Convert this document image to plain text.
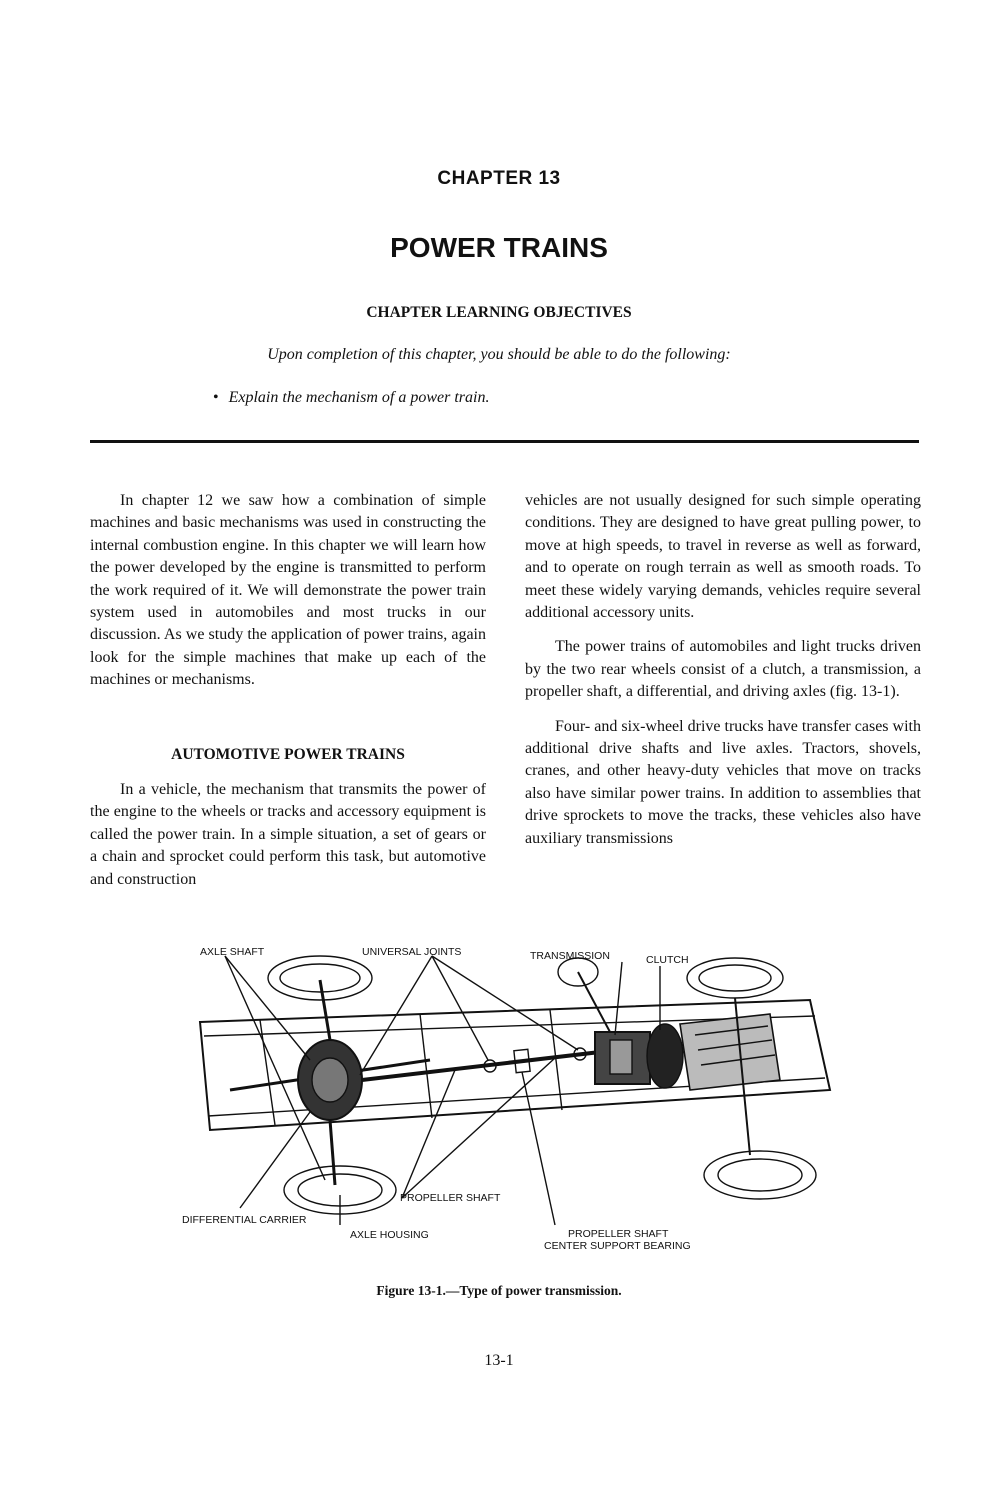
CHAPTER 13
POWER TRAINS
CHAPTER LEARNING OBJECTIVES
Upon completion of this chapter, you should be able to do the following:
• Explain the mechanism of a power train.

In chapter 12 we saw how a combination of simple machines and basic mechanisms was used in constructing the internal combustion engine. In this chapter we will learn how the power developed by the engine is transmitted to perform the work required of it. We will demonstrate the power train system used in automobiles and most trucks in our discussion. As we study the application of power trains, again look for the simple machines that make up each of the machines or mechanisms.

AUTOMOTIVE POWER TRAINS

In a vehicle, the mechanism that transmits the power of the engine to the wheels or tracks and accessory equipment is called the power train. In a simple situation, a set of gears or a chain and sprocket could perform this task, but automotive and construction

vehicles are not usually designed for such simple operating conditions. They are designed to have great pulling power, to move at high speeds, to travel in reverse as well as forward, and to operate on rough terrain as well as smooth roads. To meet these widely varying demands, vehicles require several additional accessory units.

The power trains of automobiles and light trucks driven by the two rear wheels consist of a clutch, a transmission, a propeller shaft, a differential, and driving axles (fig. 13-1).

Four- and six-wheel drive trucks have transfer cases with additional drive shafts and live axles. Tractors, shovels, cranes, and other heavy-duty vehicles that move on tracks also have similar power trains. In addition to assemblies that drive sprockets to move the tracks, these vehicles also have auxiliary transmissions

AXLE SHAFT	UNIVERSAL JOINTS	TRANSMISSION	CLUTCH
PROPELLER SHAFT
DIFFERENTIAL CARRIER
AXLE HOUSING	PROPELLER SHAFT
CENTER SUPPORT BEARING
Figure 13-1.—Type of power transmission.
13-1
